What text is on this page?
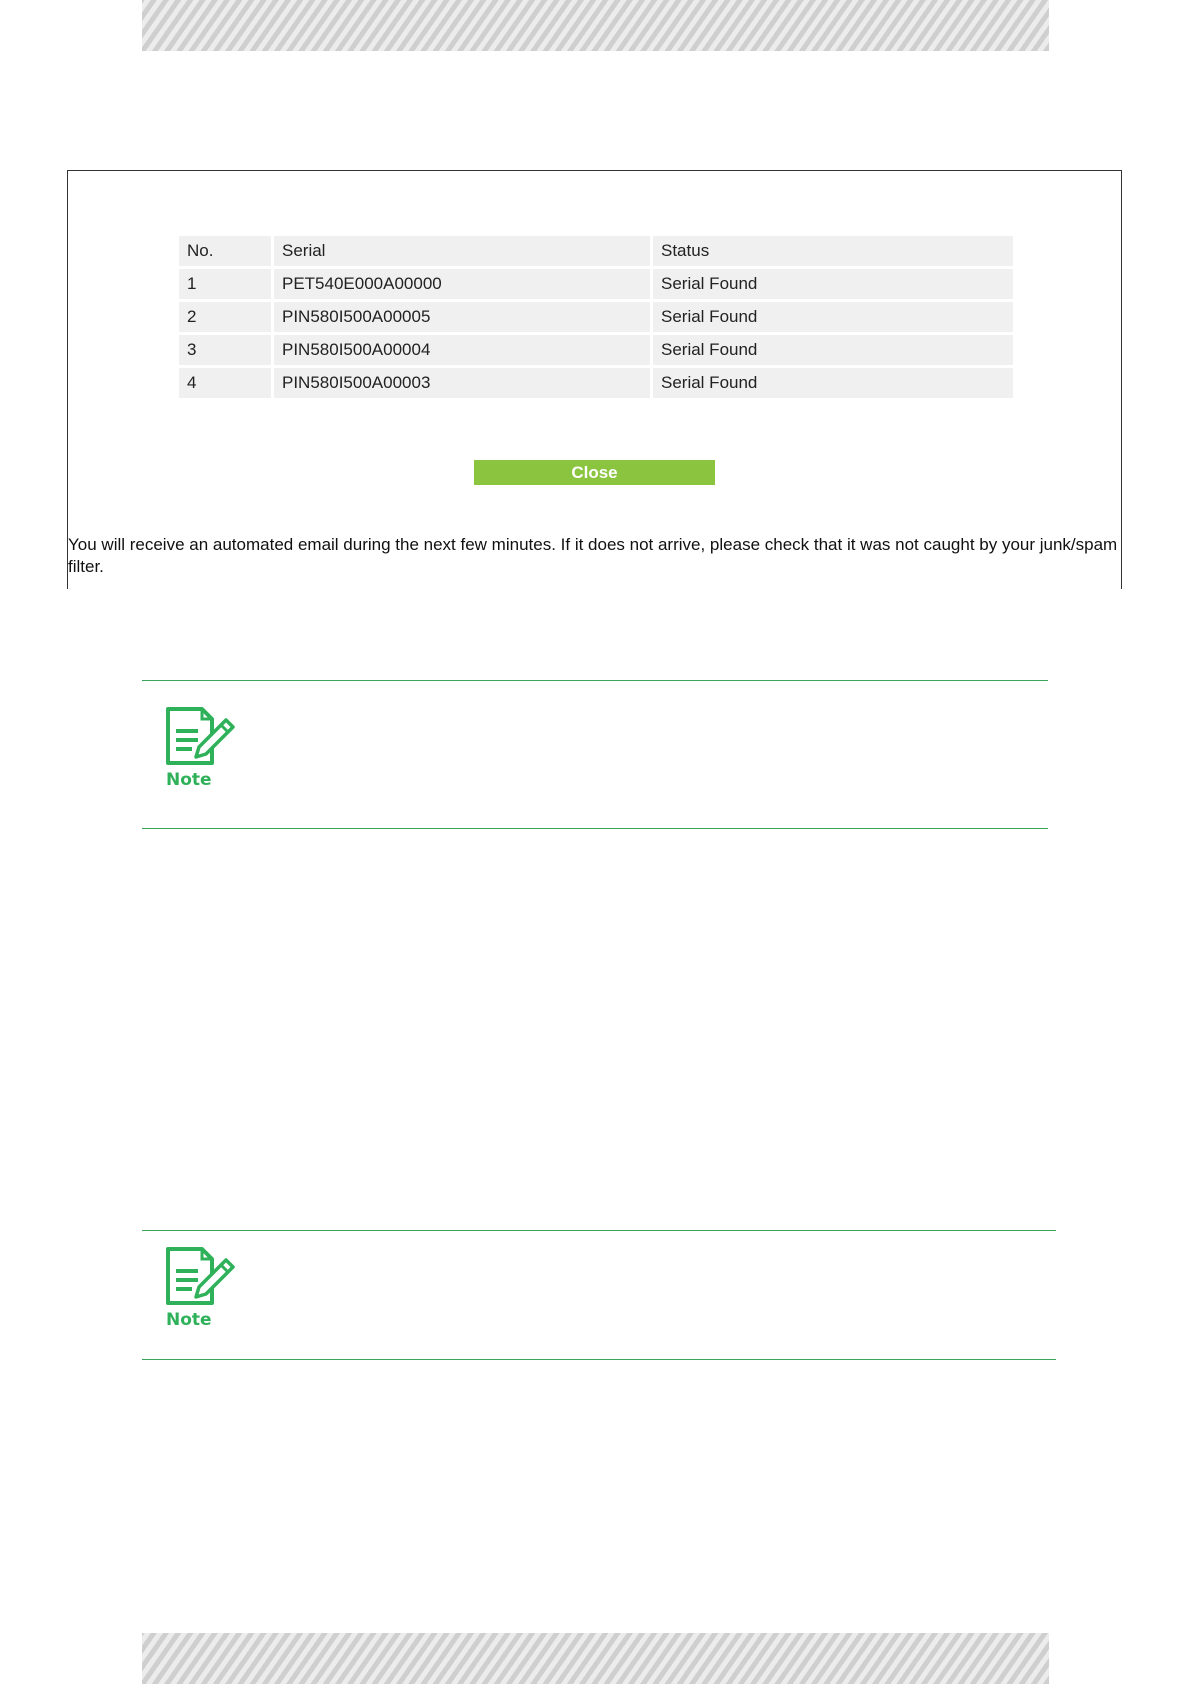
No.	Serial	Status
1	PET540E000A00000	Serial Found
2	PIN580I500A00005	Serial Found
3	PIN580I500A00004	Serial Found
4	PIN580I500A00003	Serial Found
Close
You will receive an automated email during the next few minutes. If it does not arrive, please check that it was not caught by your junk/spam filter.
Note
Note
